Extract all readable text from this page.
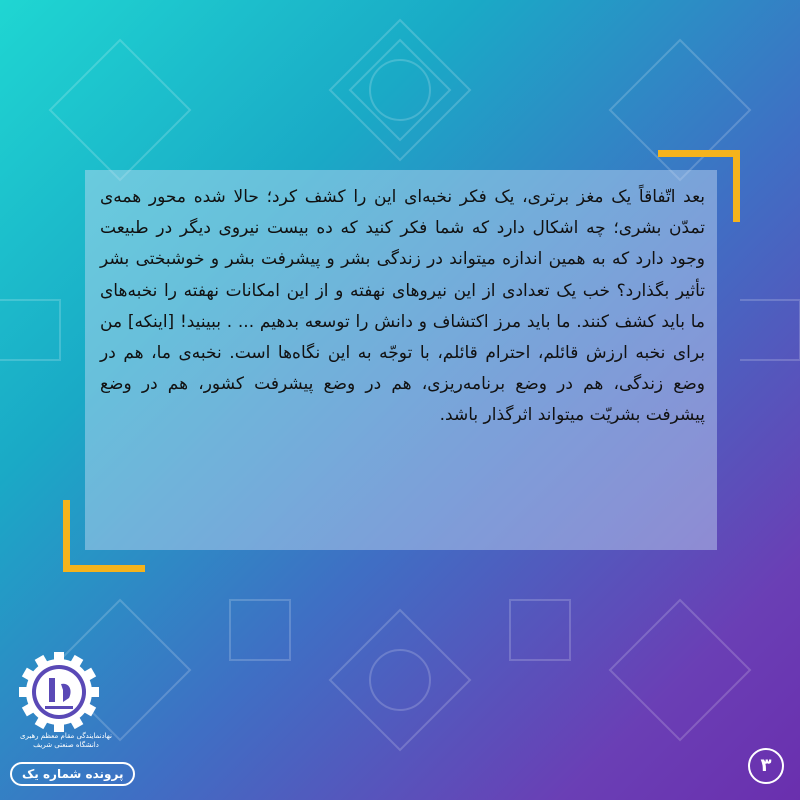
بعد اتّفاقاً یک مغز برتری، یک فکر نخبه‌ای این را کشف کرد؛ حالا شده محور همه‌ی تمدّن بشری؛ چه اشکال دارد که شما فکر کنید که ده بیست نیروی دیگر در طبیعت وجود دارد که به همین اندازه میتواند در زندگی بشر و پیشرفت بشر و خوشبختی بشر تأثیر بگذارد؟ خب یک تعدادی از این نیروهای نهفته و از این امکانات نهفته را نخبه‌های ما باید کشف کنند. ما باید مرز اکتشاف و دانش را توسعه بدهیم ... . ببینید! [اینکه] من برای نخبه ارزش قائلم، احترام قائلم، با توجّه به این نگاه‌ها است. نخبه‌ی ما، هم در وضع زندگی، هم در وضع برنامه‌ریزی، هم در وضع پیشرفت کشور، هم در وضع پیشرفت بشریّت میتواند اثرگذار باشد.
نهادنمایندگی مقام معظم رهبری
دانشگاه صنعتی شریف
پرونده شماره یک	۳
